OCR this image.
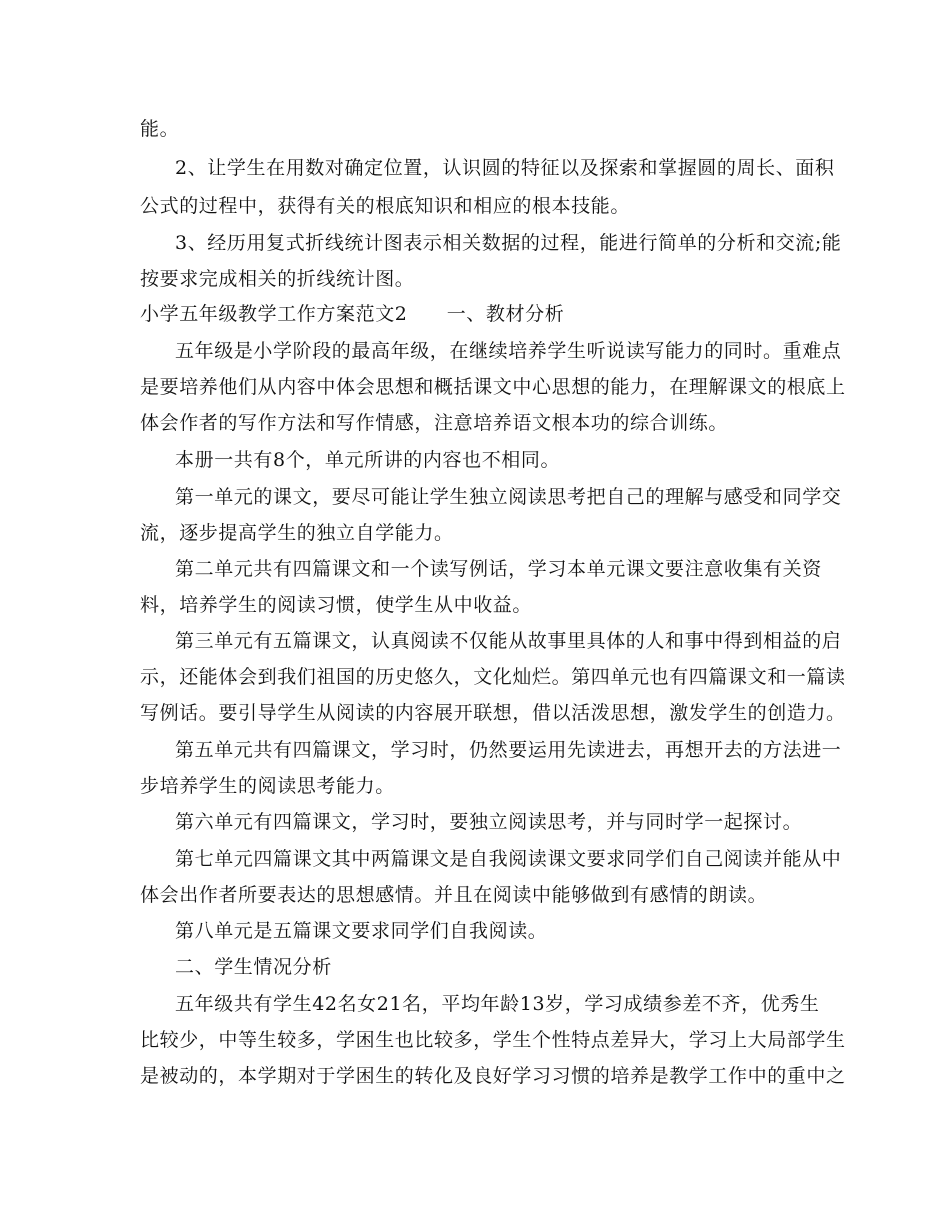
能。
2、让学生在用数对确定位置，认识圆的特征以及探索和掌握圆的周长、面积
公式的过程中，获得有关的根底知识和相应的根本技能。
3、经历用复式折线统计图表示相关数据的过程，能进行简单的分析和交流;能
按要求完成相关的折线统计图。
小学五年级教学工作方案范文2　　一、教材分析
五年级是小学阶段的最高年级，在继续培养学生听说读写能力的同时。重难点
是要培养他们从内容中体会思想和概括课文中心思想的能力，在理解课文的根底上
体会作者的写作方法和写作情感，注意培养语文根本功的综合训练。
本册一共有8个，单元所讲的内容也不相同。
第一单元的课文，要尽可能让学生独立阅读思考把自己的理解与感受和同学交
流，逐步提高学生的独立自学能力。
第二单元共有四篇课文和一个读写例话，学习本单元课文要注意收集有关资
料，培养学生的阅读习惯，使学生从中收益。
第三单元有五篇课文，认真阅读不仅能从故事里具体的人和事中得到相益的启
示，还能体会到我们祖国的历史悠久，文化灿烂。第四单元也有四篇课文和一篇读
写例话。要引导学生从阅读的内容展开联想，借以活泼思想，激发学生的创造力。
第五单元共有四篇课文，学习时，仍然要运用先读进去，再想开去的方法进一
步培养学生的阅读思考能力。
第六单元有四篇课文，学习时，要独立阅读思考，并与同时学一起探讨。
第七单元四篇课文其中两篇课文是自我阅读课文要求同学们自己阅读并能从中
体会出作者所要表达的思想感情。并且在阅读中能够做到有感情的朗读。
第八单元是五篇课文要求同学们自我阅读。
二、学生情况分析
五年级共有学生42名女21名，平均年龄13岁，学习成绩参差不齐，优秀生
比较少，中等生较多，学困生也比较多，学生个性特点差异大，学习上大局部学生
是被动的，本学期对于学困生的转化及良好学习习惯的培养是教学工作中的重中之
